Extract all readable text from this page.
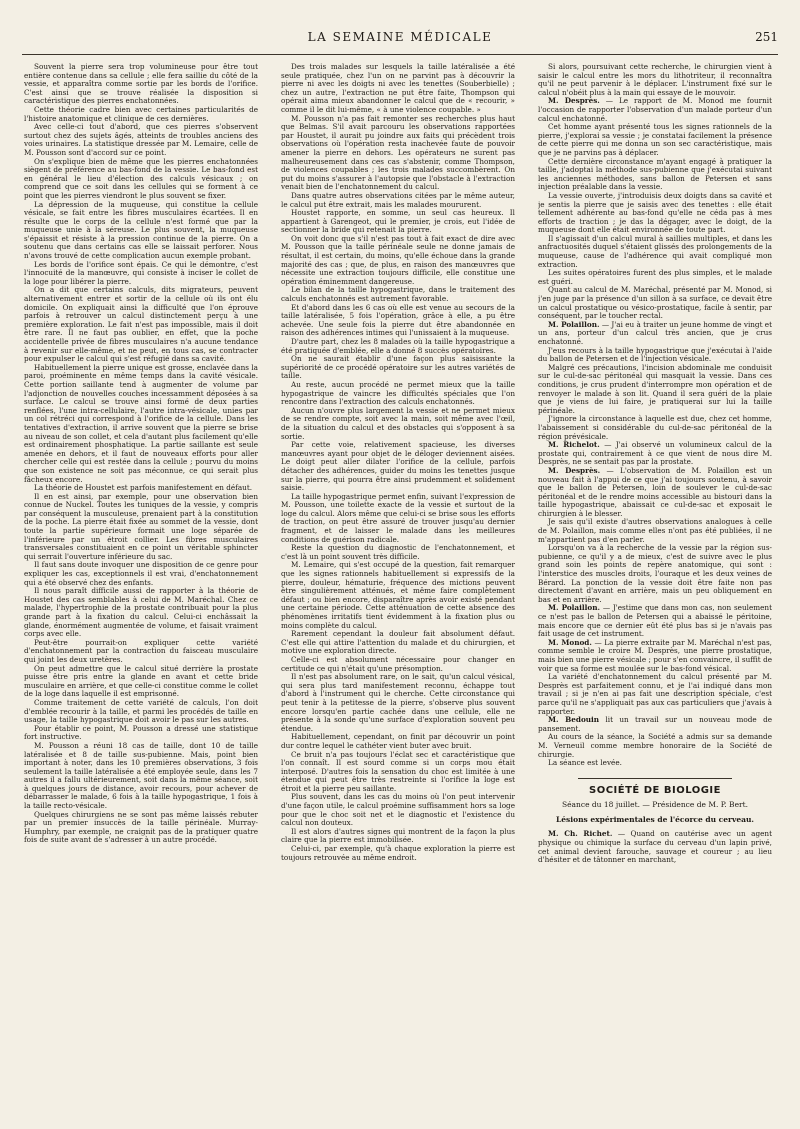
LA SEMAINE MÉDICALE	251

Souvent la pierre sera trop volumineuse pour être tout entière contenue dans sa cellule ; elle fera saillie du côté de la vessie, et apparaîtra comme sortie par les bords de l'orifice. C'est ainsi que se trouve réalisée la disposition si caractéristique des pierres enchatonnées.

Cette théorie cadre bien avec certaines particularités de l'histoire anatomique et clinique de ces dernières.

Avec celle-ci tout d'abord, que ces pierres s'observent surtout chez des sujets âgés, atteints de troubles anciens des voies urinaires. La statistique dressée par M. Lemaire, celle de M. Pousson sont d'accord sur ce point.

On s'explique bien de même que les pierres enchatonnées siègent de préférence au bas-fond de la vessie. Le bas-fond est en général le lieu d'élection des calculs vésicaux ; on comprend que ce soit dans les cellules qui se forment à ce point que les pierres viendront le plus souvent se fixer.

La dépression de la muqueuse, qui constitue la cellule vésicale, se fait entre les fibres musculaires écartées. Il en résulte que le corps de la cellule n'est formé que par la muqueuse unie à la séreuse. Le plus souvent, la muqueuse s'épaissit et résiste à la pression continue de la pierre. On a soutenu que dans certains cas elle se laissait perforer. Nous n'avons trouvé de cette complication aucun exemple probant.

Les bords de l'orifice sont épais. Ce qui le démontre, c'est l'innocuité de la manœuvre, qui consiste à inciser le collet de la loge pour libérer la pierre.

On a dit que certains calculs, dits migrateurs, peuvent alternativement entrer et sortir de la cellule où ils ont élu domicile. On expliquait ainsi la difficulté que l'on éprouve parfois à retrouver un calcul distinctement perçu à une première exploration. Le fait n'est pas impossible, mais il doit être rare. Il ne faut pas oublier, en effet, que la poche accidentelle privée de fibres musculaires n'a aucune tendance à revenir sur elle-même, et ne peut, en tous cas, se contracter pour expulser le calcul qui s'est réfugié dans sa cavité.

Habituellement la pierre unique est grosse, enclavée dans la paroi, proéminente en même temps dans la cavité vésicale. Cette portion saillante tend à augmenter de volume par l'adjonction de nouvelles couches incessamment déposées à sa surface. Le calcul se trouve ainsi formé de deux parties renflées, l'une intra-cellulaire, l'autre intra-vésicale, unies par un col rétréci qui correspond à l'orifice de la cellule. Dans les tentatives d'extraction, il arrive souvent que la pierre se brise au niveau de son collet, et cela d'autant plus facilement qu'elle est ordinairement phosphatique. La partie saillante est seule amenée en dehors, et il faut de nouveaux efforts pour aller chercher celle qui est restée dans la cellule ; pourvu du moins que son existence ne soit pas méconnue, ce qui serait plus fâcheux encore.

La théorie de Houstet est parfois manifestement en défaut.

Il en est ainsi, par exemple, pour une observation bien connue de Nuckel. Toutes les tuniques de la vessie, y compris par conséquent la musculeuse, prenaient part à la constitution de la poche. La pierre était fixée au sommet de la vessie, dont toute la partie supérieure formait une loge séparée de l'inférieure par un étroit collier. Les fibres musculaires transversales constituaient en ce point un véritable sphincter qui serrait l'ouverture inférieure du sac.

Il faut sans doute invoquer une disposition de ce genre pour expliquer les cas, exceptionnels il est vrai, d'enchatonnement qui a été observé chez des enfants.

Il nous paraît difficile aussi de rapporter à la théorie de Houstet des cas semblables à celui de M. Maréchal. Chez ce malade, l'hypertrophie de la prostate contribuait pour la plus grande part à la fixation du calcul. Celui-ci enchâssait la glande, énormément augmentée de volume, et faisait vraiment corps avec elle.

Peut-être pourrait-on expliquer cette variété d'enchatonnement par la contraction du faisceau musculaire qui joint les deux uretères.

On peut admettre que le calcul situé derrière la prostate puisse être pris entre la glande en avant et cette bride musculaire en arrière, et que celle-ci constitue comme le collet de la loge dans laquelle il est emprisonné.

Comme traitement de cette variété de calculs, l'on doit d'emblée recourir à la taille, et parmi les procédés de taille en usage, la taille hypogastrique doit avoir le pas sur les autres.

Pour établir ce point, M. Pousson a dressé une statistique fort instructive.

M. Pousson a réuni 18 cas de taille, dont 10 de taille latéralisée et 8 de taille sus-pubienne. Mais, point bien important à noter, dans les 10 premières observations, 3 fois seulement la taille latéralisée a été employée seule, dans les 7 autres il a fallu ultérieurement, soit dans la même séance, soit à quelques jours de distance, avoir recours, pour achever de débarrasser le malade, 6 fois à la taille hypogastrique, 1 fois à la taille recto-vésicale.

Quelques chirurgiens ne se sont pas même laissés rebuter par un premier insuccès de la taille périnéale. Murray-Humphry, par exemple, ne craignit pas de la pratiquer quatre fois de suite avant de s'adresser à un autre procédé.

Des trois malades sur lesquels la taille latéralisée a été seule pratiquée, chez l'un on ne parvint pas à découvrir la pierre ni avec les doigts ni avec les tenettes (Souberbielle) ; chez un autre, l'extraction ne put être faite, Thompson qui opérait aima mieux abandonner le calcul que de « recourir, » comme il le dit lui-même, « à une violence coupable. »

M. Pousson n'a pas fait remonter ses recherches plus haut que Belmas. S'il avait parcouru les observations rapportées par Houstet, il aurait pu joindre aux faits qui précèdent trois observations où l'opération resta inachevée faute de pouvoir amener la pierre en dehors. Les opérateurs ne surent pas malheureusement dans ces cas s'abstenir, comme Thompson, de violences coupables ; les trois malades succombèrent. On put du moins s'assurer à l'autopsie que l'obstacle à l'extraction venait bien de l'enchatonnement du calcul.

Dans quatre autres observations citées par le même auteur, le calcul put être extrait, mais les malades moururent.

Houstet rapporte, en somme, un seul cas heureux. Il appartient à Garengeot, qui le premier, je crois, eut l'idée de sectionner la bride qui retenait la pierre.

On voit donc que s'il n'est pas tout à fait exact de dire avec M. Pousson que la taille périnéale seule ne donne jamais de résultat, il est certain, du moins, qu'elle échoue dans la grande majorité des cas ; que, de plus, en raison des manœuvres que nécessite une extraction toujours difficile, elle constitue une opération éminemment dangereuse.

Le bilan de la taille hypogastrique, dans le traitement des calculs enchatonnés est autrement favorable.

Et d'abord dans les 6 cas où elle est venue au secours de la taille latéralisée, 5 fois l'opération, grâce à elle, a pu être achevée. Une seule fois la pierre dut être abandonnée en raison des adhérences intimes qui l'unissaient à la muqueuse.

D'autre part, chez les 8 malades où la taille hypogastrique a été pratiquée d'emblée, elle a donné 8 succès opératoires.

On ne saurait établir d'une façon plus saisissante la supériorité de ce procédé opératoire sur les autres variétés de taille.

Au reste, aucun procédé ne permet mieux que la taille hypogastrique de vaincre les difficultés spéciales que l'on rencontre dans l'extraction des calculs enchatonnés.

Aucun n'ouvre plus largement la vessie et ne permet mieux de se rendre compte, soit avec la main, soit même avec l'œil, de la situation du calcul et des obstacles qui s'opposent à sa sortie.

Par cette voie, relativement spacieuse, les diverses manœuvres ayant pour objet de le déloger deviennent aisées. Le doigt peut aller dilater l'orifice de la cellule, parfois détacher des adhérences, guider du moins les tenettes jusque sur la pierre, qui pourra être ainsi prudemment et solidement saisie.

La taille hypogastrique permet enfin, suivant l'expression de M. Pousson, une toilette exacte de la vessie et surtout de la loge du calcul. Alors même que celui-ci se brise sous les efforts de traction, on peut être assuré de trouver jusqu'au dernier fragment, et de laisser le malade dans les meilleures conditions de guérison radicale.

Reste la question du diagnostic de l'enchatonnement, et c'est là un point souvent très difficile.

M. Lemaire, qui s'est occupé de la question, fait remarquer que les signes rationnels habituellement si expressifs de la pierre, douleur, hématurie, fréquence des mictions peuvent être singulièrement atténués, et même faire complètement défaut ; ou bien encore, disparaître après avoir existé pendant une certaine période. Cette atténuation de cette absence des phénomènes irritatifs tient évidemment à la fixation plus ou moins complète du calcul.

Rarement cependant la douleur fait absolument défaut. C'est elle qui attire l'attention du malade et du chirurgien, et motive une exploration directe.

Celle-ci est absolument nécessaire pour changer en certitude ce qui n'était qu'une présomption.

Il n'est pas absolument rare, on le sait, qu'un calcul vésical, qui sera plus tard manifestement reconnu, échappe tout d'abord à l'instrument qui le cherche. Cette circonstance qui peut tenir à la petitesse de la pierre, s'observe plus souvent encore lorsqu'en partie cachée dans une cellule, elle ne présente à la sonde qu'une surface d'exploration souvent peu étendue.

Habituellement, cependant, on finit par découvrir un point dur contre lequel le cathéter vient buter avec bruit.

Ce bruit n'a pas toujours l'éclat sec et caractéristique que l'on connaît. Il est sourd comme si un corps mou était interposé. D'autres fois la sensation du choc est limitée à une étendue qui peut être très restreinte si l'orifice la loge est étroit et la pierre peu saillante.

Plus souvent, dans les cas du moins où l'on peut intervenir d'une façon utile, le calcul proémine suffisamment hors sa loge pour que le choc soit net et le diagnostic et l'existence du calcul non douteux.

Il est alors d'autres signes qui montrent de la façon la plus claire que la pierre est immobilisée.

Celui-ci, par exemple, qu'à chaque exploration la pierre est toujours retrouvée au même endroit.

Si alors, poursuivant cette recherche, le chirurgien vient à saisir le calcul entre les mors du lithotriteur, il reconnaîtra qu'il ne peut parvenir à le déplacer. L'instrument fixé sur le calcul n'obéit plus à la main qui essaye de le mouvoir.

M. Desprès. — Le rapport de M. Monod me fournit l'occasion de rapporter l'observation d'un malade porteur d'un calcul enchatonné.

Cet homme ayant présenté tous les signes rationnels de la pierre, j'explorai sa vessie ; je constatai facilement la présence de cette pierre qui me donna un son sec caractéristique, mais que je ne parvins pas à déplacer.

Cette dernière circonstance m'ayant engagé à pratiquer la taille, j'adoptai la méthode sus-pubienne que j'exécutai suivant les anciennes méthodes, sans ballon de Petersen et sans injection préalable dans la vessie.

La vessie ouverte, j'introduisis deux doigts dans sa cavité et je sentis la pierre que je saisis avec des tenettes : elle était tellement adhérente au bas-fond qu'elle ne céda pas à mes efforts de traction ; je das la dégager, avec le doigt, de la muqueuse dont elle était environnée de toute part.

Il s'agissait d'un calcul mural à saillies multiples, et dans les anfractuosités duquel s'étaient glissés des prolongements de la muqueuse, cause de l'adhérence qui avait compliqué mon extraction.

Les suites opératoires furent des plus simples, et le malade est guéri.

Quant au calcul de M. Maréchal, présenté par M. Monod, si j'en juge par la présence d'un sillon à sa surface, ce devait être un calcul prostatique ou vésico-prostatique, facile à sentir, par conséquent, par le toucher rectal.

M. Polaillon. — J'ai eu à traiter un jeune homme de vingt et un ans, porteur d'un calcul très ancien, que je crus enchatonné.

J'eus recours à la taille hypogastrique que j'exécutai à l'aide du ballon de Petersen et de l'injection vésicale.

Malgré ces précautions, l'incision abdominale me conduisit sur le cul-de-sac péritonéal qui masquait la vessie. Dans ces conditions, je crus prudent d'interrompre mon opération et de renvoyer le malade à son lit. Quand il sera guéri de la plaie que je viens de lui faire, je pratiquerai sur lui la taille périnéale.

J'ignore la circonstance à laquelle est due, chez cet homme, l'abaissement si considérable du cul-de-sac péritonéal de la région prévésicale.

M. Richelot. — J'ai observé un volumineux calcul de la prostate qui, contrairement à ce que vient de nous dire M. Desprès, ne se sentait pas par la prostate.

M. Desprès. — L'observation de M. Polaillon est un nouveau fait à l'appui de ce que j'ai toujours soutenu, à savoir que le ballon de Petersen, loin de soulever le cul-de-sac péritonéal et de le rendre moins accessible au bistouri dans la taille hypogastrique, abaissait ce cul-de-sac et exposait le chirurgien à le blesser.

Je sais qu'il existe d'autres observations analogues à celle de M. Polaillon, mais comme elles n'ont pas été publiées, il ne m'appartient pas d'en parler.

Lorsqu'on va à la recherche de la vessie par la région sus-pubienne, ce qu'il y a de mieux, c'est de suivre avec le plus grand soin les points de repère anatomique, qui sont : l'interstice des muscles droits, l'ouraque et les deux veines de Bérard. La ponction de la vessie doit être faite non pas directement d'avant en arrière, mais un peu obliquement en bas et en arrière.

M. Polaillon. — J'estime que dans mon cas, non seulement ce n'est pas le ballon de Petersen qui a abaissé le péritoine, mais encore que ce dernier eût été plus bas si je n'avais pas fait usage de cet instrument.

M. Monod. — La pierre extraite par M. Maréchal n'est pas, comme semble le croire M. Desprès, une pierre prostatique, mais bien une pierre vésicale ; pour s'en convaincre, il suffit de voir que sa forme est moulée sur le bas-fond vésical.

La variété d'enchatonnement du calcul présenté par M. Desprès est parfaitement connu, et je l'ai indiqué dans mon travail ; si je n'en ai pas fait une description spéciale, c'est parce qu'il ne s'appliquait pas aux cas particuliers que j'avais à rapporter.

M. Bedouin lit un travail sur un nouveau mode de pansement.

Au cours de la séance, la Société a admis sur sa demande M. Verneuil comme membre honoraire de la Société de chirurgie.

La séance est levée.

SOCIÉTÉ DE BIOLOGIE
Séance du 18 juillet. — Présidence de M. P. Bert.
Lésions expérimentales de l'écorce du cerveau.

M. Ch. Richet. — Quand on cautérise avec un agent physique ou chimique la surface du cerveau d'un lapin privé, cet animal devient farouche, sauvage et coureur ; au lieu d'hésiter et de tâtonner en marchant,
